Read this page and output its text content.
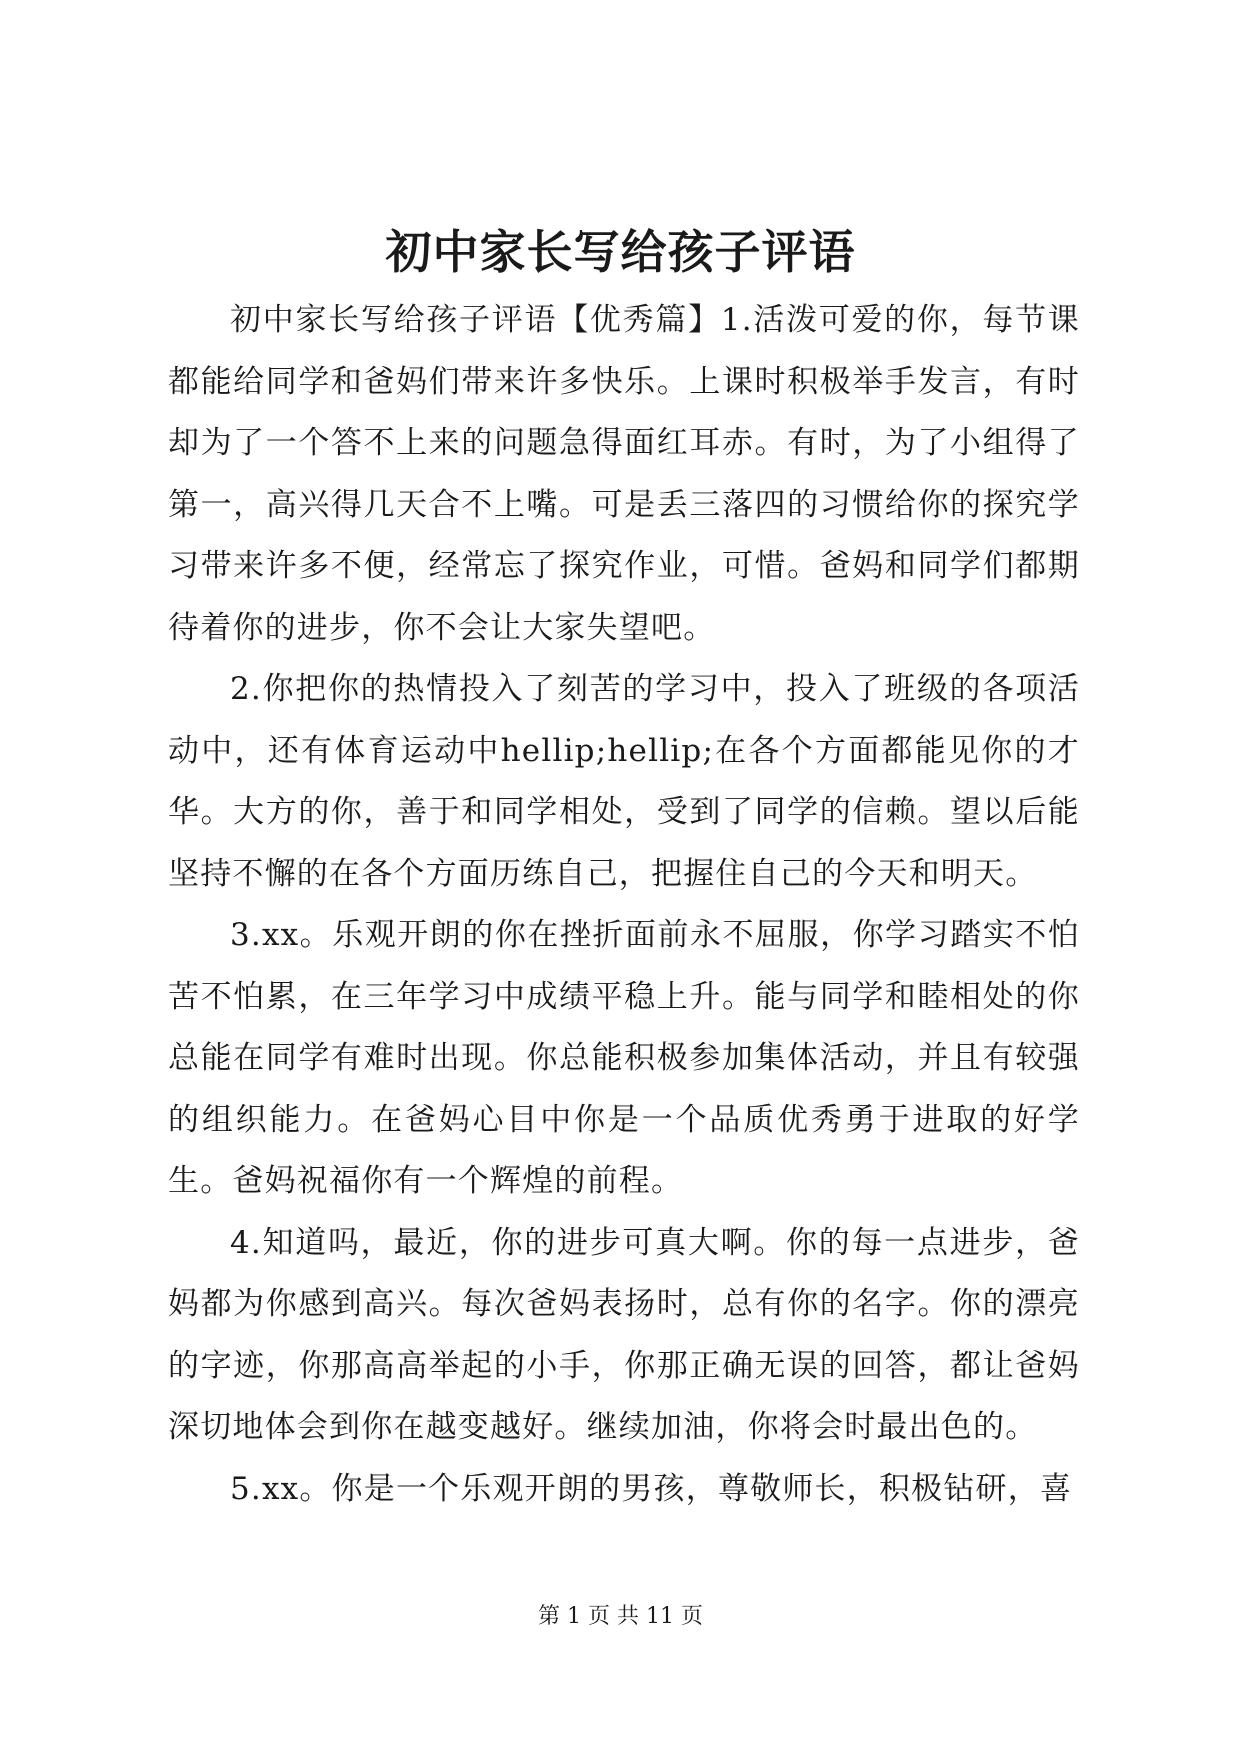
初中家长写给孩子评语

初中家长写给孩子评语【优秀篇】1.活泼可爱的你，每节课都能给同学和爸妈们带来许多快乐。上课时积极举手发言，有时却为了一个答不上来的问题急得面红耳赤。有时，为了小组得了第一，高兴得几天合不上嘴。可是丢三落四的习惯给你的探究学习带来许多不便，经常忘了探究作业，可惜。爸妈和同学们都期待着你的进步，你不会让大家失望吧。

2.你把你的热情投入了刻苦的学习中，投入了班级的各项活动中，还有体育运动中hellip;hellip;在各个方面都能见你的才华。大方的你，善于和同学相处，受到了同学的信赖。望以后能坚持不懈的在各个方面历练自己，把握住自己的今天和明天。

3.xx。乐观开朗的你在挫折面前永不屈服，你学习踏实不怕苦不怕累，在三年学习中成绩平稳上升。能与同学和睦相处的你总能在同学有难时出现。你总能积极参加集体活动，并且有较强的组织能力。在爸妈心目中你是一个品质优秀勇于进取的好学生。爸妈祝福你有一个辉煌的前程。

4.知道吗，最近，你的进步可真大啊。你的每一点进步，爸妈都为你感到高兴。每次爸妈表扬时，总有你的名字。你的漂亮的字迹，你那高高举起的小手，你那正确无误的回答，都让爸妈深切地体会到你在越变越好。继续加油，你将会时最出色的。

5.xx。你是一个乐观开朗的男孩，尊敬师长，积极钻研，喜

第 1 页 共 11 页
